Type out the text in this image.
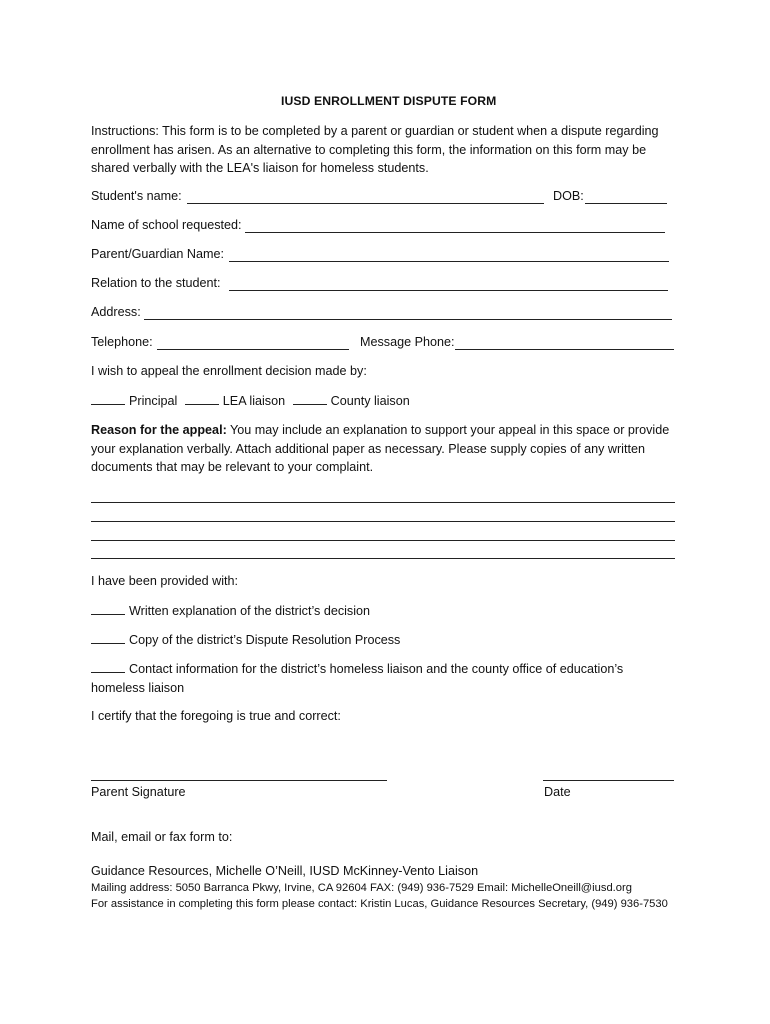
IUSD ENROLLMENT DISPUTE FORM
Instructions: This form is to be completed by a parent or guardian or student when a dispute regarding enrollment has arisen. As an alternative to completing this form, the information on this form may be shared verbally with the LEA's liaison for homeless students.
Student's name:	DOB:
Name of school requested:
Parent/Guardian Name:
Relation to the student:
Address:
Telephone:	Message Phone:
I wish to appeal the enrollment decision made by:
Principal	LEA liaison	County liaison
Reason for the appeal: You may include an explanation to support your appeal in this space or provide your explanation verbally. Attach additional paper as necessary. Please supply copies of any written documents that may be relevant to your complaint.
I have been provided with:
Written explanation of the district’s decision
Copy of the district’s Dispute Resolution Process
Contact information for the district’s homeless liaison and the county office of education’s homeless liaison
I certify that the foregoing is true and correct:
Parent Signature	Date
Mail, email or fax form to:
Guidance Resources, Michelle O’Neill, IUSD McKinney-Vento Liaison
Mailing address: 5050 Barranca Pkwy, Irvine, CA 92604 FAX: (949) 936-7529 Email: MichelleOneill@iusd.org
For assistance in completing this form please contact: Kristin Lucas, Guidance Resources Secretary, (949) 936-7530
